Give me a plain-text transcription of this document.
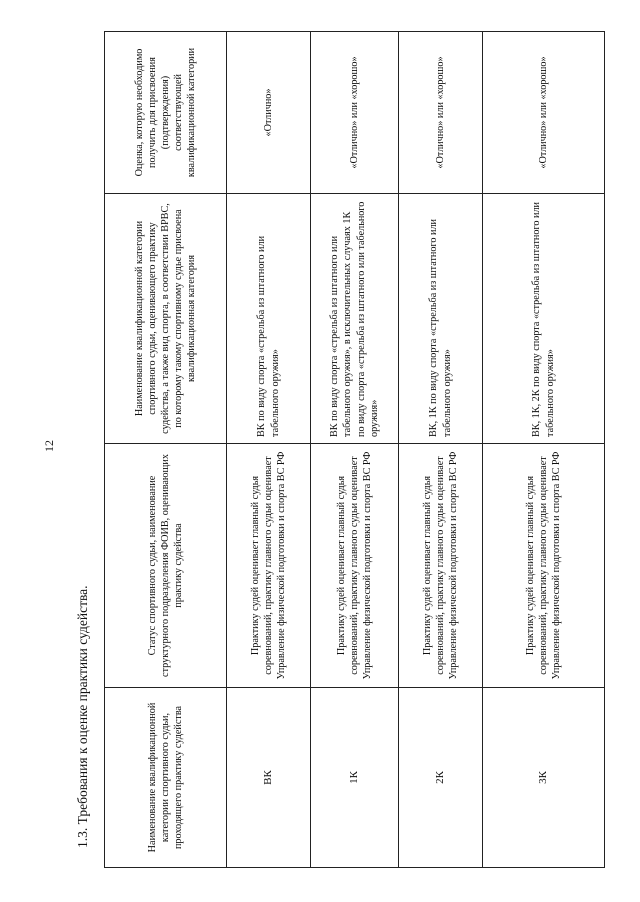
12
1.3. Требования к оценке практики судейства.	Наименование квалификационной категории спортивного судьи, проходящего практику судейства	Статус спортивного судьи, наименование структурного подразделения ФОИВ, оценивающих практику судейства	Наименование квалификационной категории спортивного судьи, оценивающего практику судейства, а также вид спорта, в соответствии ВРВС, по которому такому спортивному судье присвоена квалификационная категория	Оценка, которую необходимо получить для присвоения (подтверждения) соответствующей квалификационной категории
ВК	Практику судей оценивает главный судья соревнований, практику главного судьи оценивает Управление физической подготовки и спорта ВС РФ	ВК по виду спорта «стрельба из штатного или табельного оружия»	«Отлично»
1К	Практику судей оценивает главный судья соревнований, практику главного судьи оценивает Управление физической подготовки и спорта ВС РФ	ВК по виду спорта «стрельба из штатного или табельного оружия», в исключительных случаях 1К по виду спорта «стрельба из штатного или табельного оружия»	«Отлично» или «хорошо»
2К	Практику судей оценивает главный судья соревнований, практику главного судьи оценивает Управление физической подготовки и спорта ВС РФ	ВК, 1К по виду спорта «стрельба из штатного или табельного оружия»	«Отлично» или «хорошо»
3К	Практику судей оценивает главный судья соревнований, практику главного судьи оценивает Управление физической подготовки и спорта ВС РФ	ВК, 1К, 2К по виду спорта «стрельба из штатного или табельного оружия»	«Отлично» или «хорошо»
